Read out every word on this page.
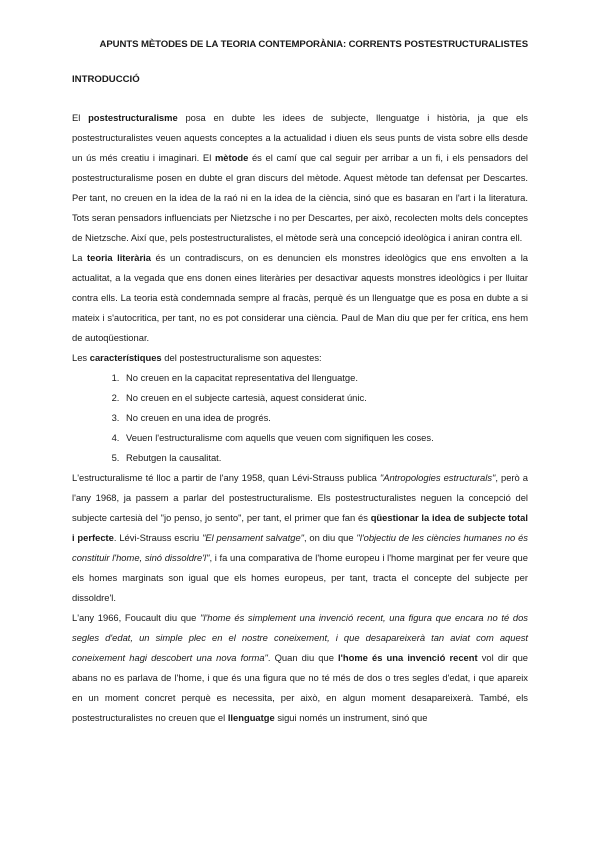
APUNTS MÈTODES DE LA TEORIA CONTEMPORÀNIA: CORRENTS POSTESTRUCTURALISTES
INTRODUCCIÓ

El postestructuralisme posa en dubte les idees de subjecte, llenguatge i història, ja que els postestructuralistes veuen aquests conceptes a la actualidad i diuen els seus punts de vista sobre ells desde un ús més creatiu i imaginari. El mètode és el camí que cal seguir per arribar a un fi, i els pensadors del postestructuralisme posen en dubte el gran discurs del mètode. Aquest mètode tan defensat per Descartes. Per tant, no creuen en la idea de la raó ni en la idea de la ciència, sinó que es basaran en l'art i la literatura. Tots seran pensadors influenciats per Nietzsche i no per Descartes, per això, recolecten molts dels conceptes de Nietzsche. Així que, pels postestructuralistes, el mètode serà una concepció ideològica i aniran contra ell.

La teoria literària és un contradiscurs, on es denuncien els monstres ideològics que ens envolten a la actualitat, a la vegada que ens donen eines literàries per desactivar aquests monstres ideològics i per lluitar contra ells. La teoria està condemnada sempre al fracàs, perquè és un llenguatge que es posa en dubte a si mateix i s'autocritica, per tant, no es pot considerar una ciència. Paul de Man diu que per fer crítica, ens hem de autoqüestionar.

Les característiques del postestructuralisme son aquestes:

1. No creuen en la capacitat representativa del llenguatge.
2. No creuen en el subjecte cartesià, aquest considerat únic.
3. No creuen en una idea de progrés.
4. Veuen l'estructuralisme com aquells que veuen com signifiquen les coses.
5. Rebutgen la causalitat.

L'estructuralisme té lloc a partir de l'any 1958, quan Lévi-Strauss publica "Antropologies estructurals", però a l'any 1968, ja passem a parlar del postestructuralisme. Els postestructuralistes neguen la concepció del subjecte cartesià del "jo penso, jo sento", per tant, el primer que fan és qüestionar la idea de subjecte total i perfecte. Lévi-Strauss escriu "El pensament salvatge", on diu que "l'objectiu de les ciències humanes no és constituir l'home, sinó dissoldre'l", i fa una comparativa de l'home europeu i l'home marginat per fer veure que els homes marginats son igual que els homes europeus, per tant, tracta el concepte del subjecte per dissoldre'l.

L'any 1966, Foucault diu que "l'home és simplement una invenció recent, una figura que encara no té dos segles d'edat, un simple plec en el nostre coneixement, i que desapareixerà tan aviat com aquest coneixement hagi descobert una nova forma". Quan diu que l'home és una invenció recent vol dir que abans no es parlava de l'home, i que és una figura que no té més de dos o tres segles d'edat, i que apareix en un moment concret perquè es necessita, per això, en algun moment desapareixerà. També, els postestructuralistes no creuen que el llenguatge sigui només un instrument, sinó que
